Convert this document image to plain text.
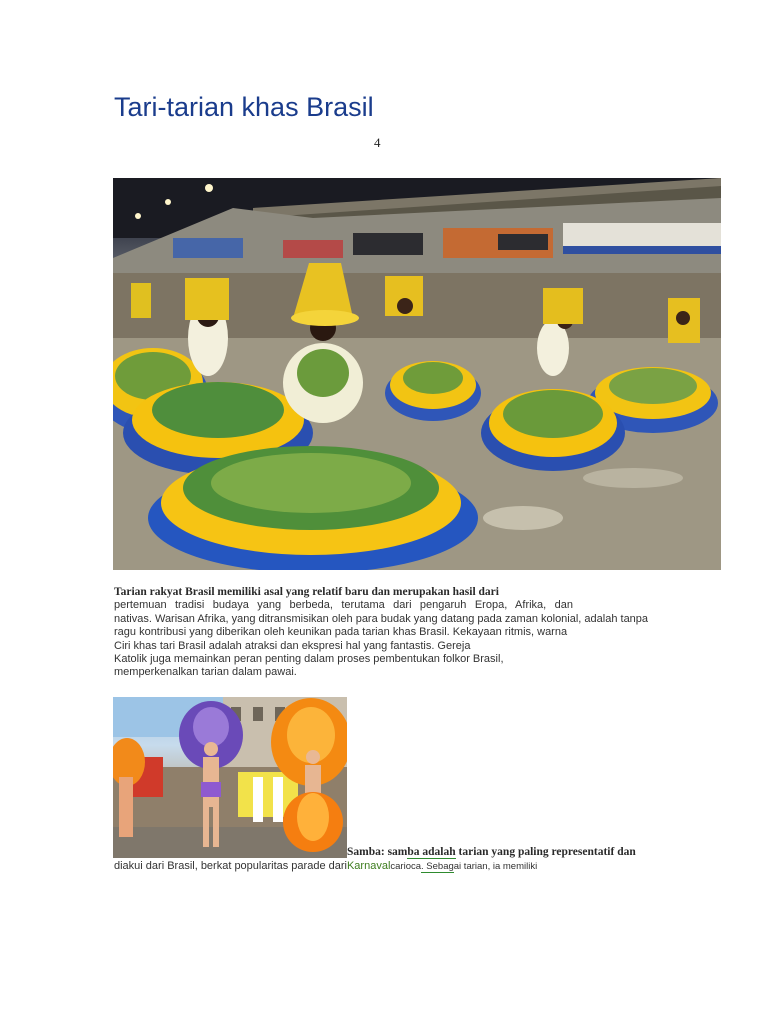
Tari-tarian khas Brasil
4
Tarian rakyat Brasil memiliki asal yang relatif baru dan merupakan hasil dari
pertemuan tradisi budaya yang berbeda, terutama dari pengaruh Eropa, Afrika, dan
nativas. Warisan Afrika, yang ditransmisikan oleh para budak yang datang pada zaman kolonial, adalah tanpa
ragu kontribusi yang diberikan oleh keunikan pada tarian khas Brasil. Kekayaan ritmis, warna
Ciri khas tari Brasil adalah atraksi dan ekspresi hal yang fantastis. Gereja
Katolik juga memainkan peran penting dalam proses pembentukan folkor Brasil,
memperkenalkan tarian dalam pawai.
Samba: samba adalah tarian yang paling representatif dan
diakui dari Brasil, berkat popularitas parade dariKarnavalcarioca. Sebagai tarian, ia memiliki
